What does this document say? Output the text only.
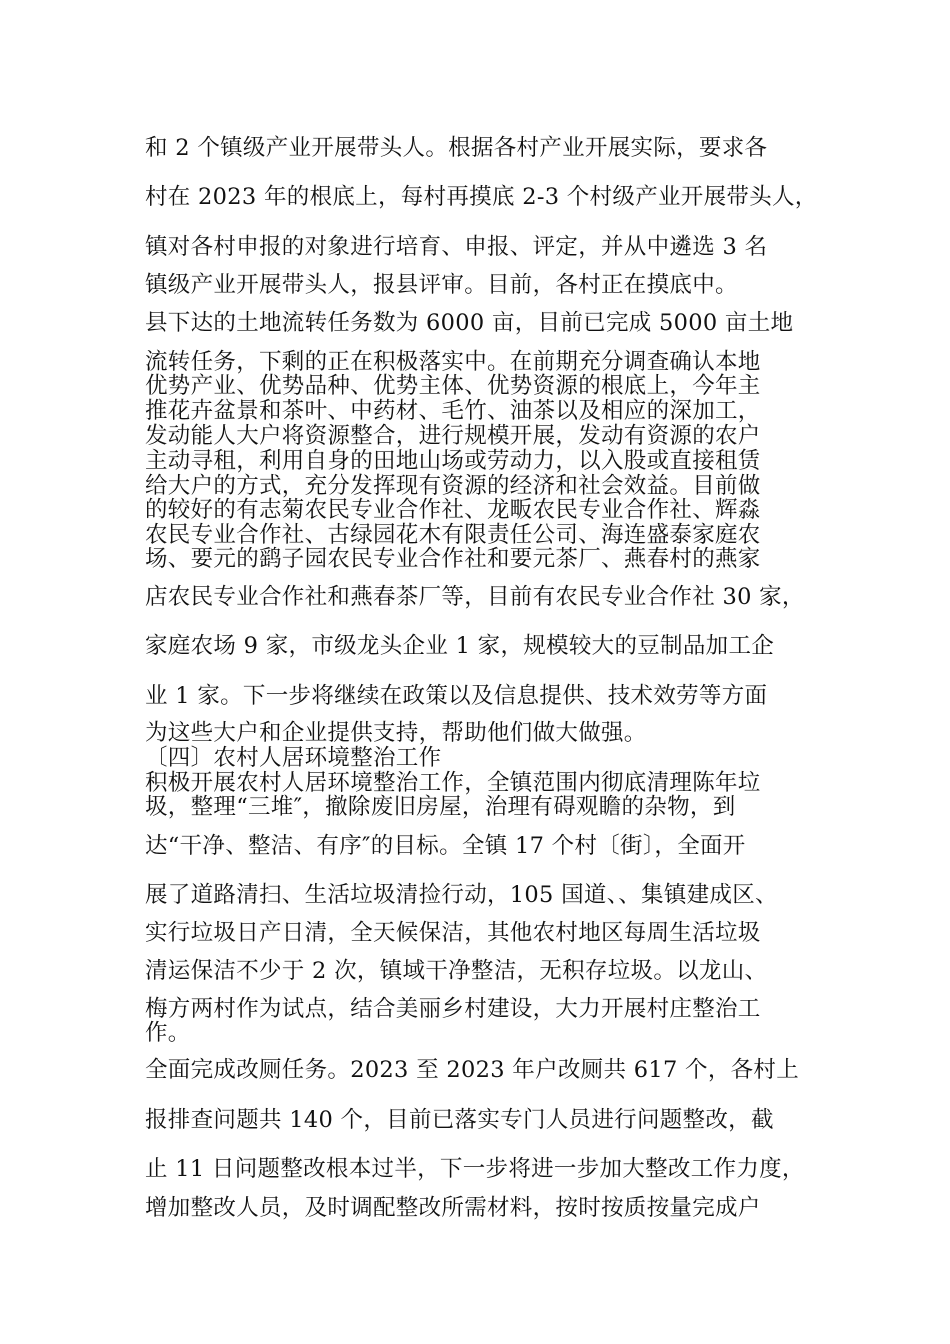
和 2 个镇级产业开展带头人。根据各村产业开展实际，要求各
村在 2023 年的根底上，每村再摸底 2-3 个村级产业开展带头人，
镇对各村申报的对象进行培育、申报、评定，并从中遴选 3 名
镇级产业开展带头人，报县评审。目前，各村正在摸底中。
县下达的土地流转任务数为 6000 亩，目前已完成 5000 亩土地
流转任务，下剩的正在积极落实中。在前期充分调查确认本地
优势产业、优势品种、优势主体、优势资源的根底上，今年主
推花卉盆景和茶叶、中药材、毛竹、油茶以及相应的深加工，
发动能人大户将资源整合，进行规模开展，发动有资源的农户
主动寻租，利用自身的田地山场或劳动力，以入股或直接租赁
给大户的方式，充分发挥现有资源的经济和社会效益。目前做
的较好的有志菊农民专业合作社、龙畈农民专业合作社、辉淼
农民专业合作社、古绿园花木有限责任公司、海连盛泰家庭农
场、要元的鹞子园农民专业合作社和要元茶厂、燕春村的燕家
店农民专业合作社和燕春茶厂等，目前有农民专业合作社 30 家，
家庭农场 9 家，市级龙头企业 1 家，规模较大的豆制品加工企
业 1 家。下一步将继续在政策以及信息提供、技术效劳等方面
为这些大户和企业提供支持，帮助他们做大做强。
〔四〕农村人居环境整治工作
积极开展农村人居环境整治工作，全镇范围内彻底清理陈年垃
圾，整理“三堆″，撤除废旧房屋，治理有碍观瞻的杂物，到
达“干净、整洁、有序″的目标。全镇 17 个村〔街〕，全面开
展了道路清扫、生活垃圾清捡行动，105 国道、、集镇建成区、
实行垃圾日产日清，全天候保洁，其他农村地区每周生活垃圾
清运保洁不少于 2 次，镇域干净整洁，无积存垃圾。以龙山、
梅方两村作为试点，结合美丽乡村建设，大力开展村庄整治工
作。
全面完成改厕任务。2023 至 2023 年户改厕共 617 个，各村上
报排查问题共 140 个，目前已落实专门人员进行问题整改，截
止 11 日问题整改根本过半，下一步将进一步加大整改工作力度，
增加整改人员，及时调配整改所需材料，按时按质按量完成户
